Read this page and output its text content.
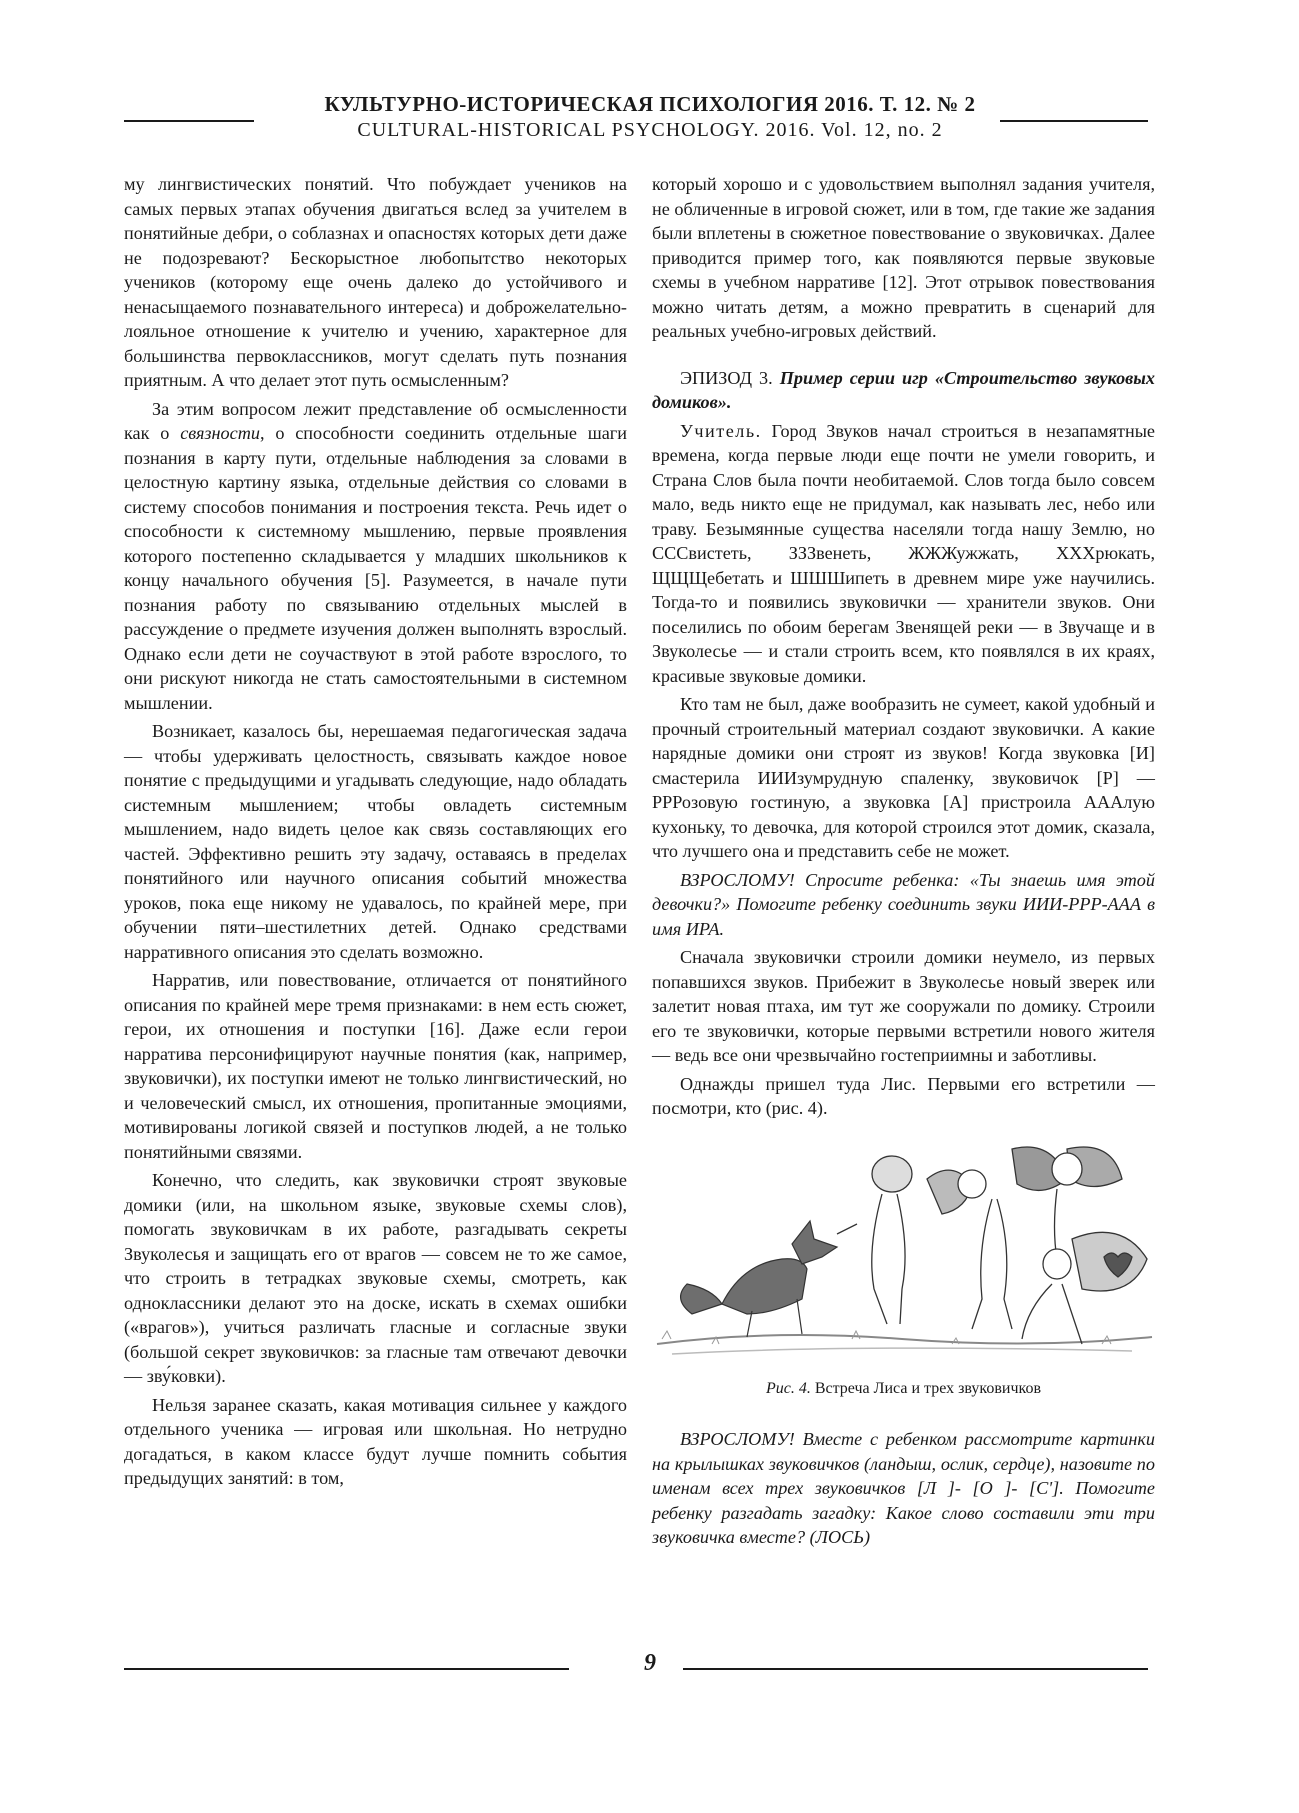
КУЛЬТУРНО-ИСТОРИЧЕСКАЯ ПСИХОЛОГИЯ 2016. Т. 12. № 2
CULTURAL-HISTORICAL PSYCHOLOGY. 2016. Vol. 12, no. 2

му лингвистических понятий. Что побуждает учеников на самых первых этапах обучения двигаться вслед за учителем в понятийные дебри, о соблазнах и опасностях которых дети даже не подозревают? Бескорыстное любопытство некоторых учеников (которому еще очень далеко до устойчивого и ненасыщаемого познавательного интереса) и доброжелательно-лояльное отношение к учителю и учению, характерное для большинства первоклассников, могут сделать путь познания приятным. А что делает этот путь осмысленным?

За этим вопросом лежит представление об осмысленности как о связности, о способности соединить отдельные шаги познания в карту пути, отдельные наблюдения за словами в целостную картину языка, отдельные действия со словами в систему способов понимания и построения текста. Речь идет о способности к системному мышлению, первые проявления которого постепенно складывается у младших школьников к концу начального обучения [5]. Разумеется, в начале пути познания работу по связыванию отдельных мыслей в рассуждение о предмете изучения должен выполнять взрослый. Однако если дети не соучаствуют в этой работе взрослого, то они рискуют никогда не стать самостоятельными в системном мышлении.

Возникает, казалось бы, нерешаемая педагогическая задача — чтобы удерживать целостность, связывать каждое новое понятие с предыдущими и угадывать следующие, надо обладать системным мышлением; чтобы овладеть системным мышлением, надо видеть целое как связь составляющих его частей. Эффективно решить эту задачу, оставаясь в пределах понятийного или научного описания событий множества уроков, пока еще никому не удавалось, по крайней мере, при обучении пяти–шестилетних детей. Однако средствами нарративного описания это сделать возможно.

Нарратив, или повествование, отличается от понятийного описания по крайней мере тремя признаками: в нем есть сюжет, герои, их отношения и поступки [16]. Даже если герои нарратива персонифицируют научные понятия (как, например, звуковички), их поступки имеют не только лингвистический, но и человеческий смысл, их отношения, пропитанные эмоциями, мотивированы логикой связей и поступков людей, а не только понятийными связями.

Конечно, что следить, как звуковички строят звуковые домики (или, на школьном языке, звуковые схемы слов), помогать звуковичкам в их работе, разгадывать секреты Звуколесья и защищать его от врагов — совсем не то же самое, что строить в тетрадках звуковые схемы, смотреть, как одноклассники делают это на доске, искать в схемах ошибки («врагов»), учиться различать гласные и согласные звуки (большой секрет звуковичков: за гласные там отвечают девочки — зву́ковки).

Нельзя заранее сказать, какая мотивация сильнее у каждого отдельного ученика — игровая или школьная. Но нетрудно догадаться, в каком классе будут лучше помнить события предыдущих занятий: в том,

который хорошо и с удовольствием выполнял задания учителя, не обличенные в игровой сюжет, или в том, где такие же задания были вплетены в сюжетное повествование о звуковичках. Далее приводится пример того, как появляются первые звуковые схемы в учебном нарративе [12]. Этот отрывок повествования можно читать детям, а можно превратить в сценарий для реальных учебно-игровых действий.

ЭПИЗОД 3. Пример серии игр «Строительство звуковых домиков».

Учитель. Город Звуков начал строиться в незапамятные времена, когда первые люди еще почти не умели говорить, и Страна Слов была почти необитаемой. Слов тогда было совсем мало, ведь никто еще не придумал, как называть лес, небо или траву. Безымянные существа населяли тогда нашу Землю, но СССвистеть, ЗЗЗвенеть, ЖЖЖужжать, ХХХрюкать, ЩЩЩебетать и ШШШипеть в древнем мире уже научились. Тогда-то и появились звуковички — хранители звуков. Они поселились по обоим берегам Звенящей реки — в Звучаще и в Звуколесье — и стали строить всем, кто появлялся в их краях, красивые звуковые домики.

Кто там не был, даже вообразить не сумеет, какой удобный и прочный строительный материал создают звуковички. А какие нарядные домики они строят из звуков! Когда звуковка [И] смастерила ИИИзумрудную спаленку, звуковичок [Р] — РРРозовую гостиную, а звуковка [А] пристроила АААлую кухоньку, то девочка, для которой строился этот домик, сказала, что лучшего она и представить себе не может.

ВЗРОСЛОМУ! Спросите ребенка: «Ты знаешь имя этой девочки?» Помогите ребенку соединить звуки ИИИ-РРР-ААА в имя ИРА.

Сначала звуковички строили домики неумело, из первых попавшихся звуков. Прибежит в Звуколесье новый зверек или залетит новая птаха, им тут же сооружали по домику. Строили его те звуковички, которые первыми встретили нового жителя — ведь все они чрезвычайно гостеприимны и заботливы.

Однажды пришел туда Лис. Первыми его встретили — посмотри, кто (рис. 4).

Рис. 4. Встреча Лиса и трех звуковичков

ВЗРОСЛОМУ! Вместе с ребенком рассмотрите картинки на крылышках звуковичков (ландыш, ослик, сердце), назовите по именам всех трех звуковичков [Л ]- [О ]- [С']. Помогите ребенку разгадать загадку: Какое слово составили эти три звуковичка вместе? (ЛОСЬ)

9
